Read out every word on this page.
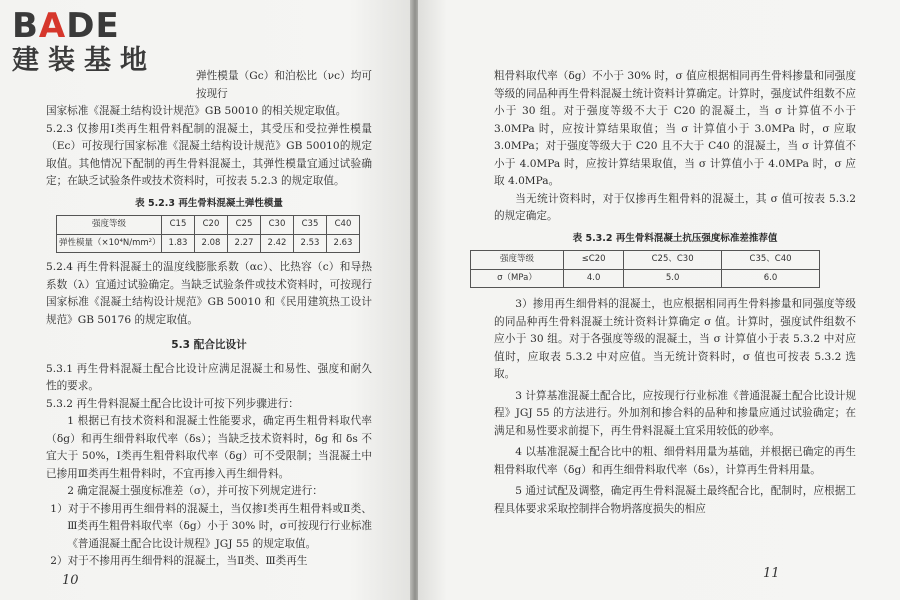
BADE
建装基地	弹性模量（Gc）和泊松比（νc）均可按现行

国家标准《混凝土结构设计规范》GB 50010 的相关规定取值。

5.2.3 仅掺用Ⅰ类再生粗骨料配制的混凝土，其受压和受拉弹性模量（Ec）可按现行国家标准《混凝土结构设计规范》GB 50010的规定取值。其他情况下配制的再生骨料混凝土，其弹性模量宜通过试验确定；在缺乏试验条件或技术资料时，可按表 5.2.3 的规定取值。

表 5.2.3 再生骨料混凝土弹性模量
强度等级	C15	C20	C25	C30	C35	C40
弹性模量（×10⁴N/mm²）	1.83	2.08	2.27	2.42	2.53	2.63

5.2.4 再生骨料混凝土的温度线膨胀系数（αc）、比热容（c）和导热系数（λ）宜通过试验确定。当缺乏试验条件或技术资料时，可按现行国家标准《混凝土结构设计规范》GB 50010 和《民用建筑热工设计规范》GB 50176 的规定取值。

5.3 配合比设计

5.3.1 再生骨料混凝土配合比设计应满足混凝土和易性、强度和耐久性的要求。

5.3.2 再生骨料混凝土配合比设计可按下列步骤进行：

1 根据已有技术资料和混凝土性能要求，确定再生粗骨料取代率（δg）和再生细骨料取代率（δs）；当缺乏技术资料时，δg 和 δs 不宜大于 50%，Ⅰ类再生粗骨料取代率（δg）可不受限制；当混凝土中已掺用Ⅲ类再生粗骨料时，不宜再掺入再生细骨料。

2 确定混凝土强度标准差（σ），并可按下列规定进行：

1）对于不掺用再生细骨料的混凝土，当仅掺Ⅰ类再生粗骨料或Ⅱ类、Ⅲ类再生粗骨料取代率（δg）小于 30% 时，σ可按现行行业标准《普通混凝土配合比设计规程》JGJ 55 的规定取值。

2）对于不掺用再生细骨料的混凝土，当Ⅱ类、Ⅲ类再生

10

粗骨料取代率（δg）不小于 30% 时，σ 值应根据相同再生骨料掺量和同强度等级的同品种再生骨料混凝土统计资料计算确定。计算时，强度试件组数不应小于 30 组。对于强度等级不大于 C20 的混凝土，当 σ 计算值不小于 3.0MPa 时，应按计算结果取值；当 σ 计算值小于 3.0MPa 时，σ 应取 3.0MPa；对于强度等级大于 C20 且不大于 C40 的混凝土，当 σ 计算值不小于 4.0MPa 时，应按计算结果取值，当 σ 计算值小于 4.0MPa 时，σ 应取 4.0MPa。

当无统计资料时，对于仅掺再生粗骨料的混凝土，其 σ 值可按表 5.3.2 的规定确定。

表 5.3.2 再生骨料混凝土抗压强度标准差推荐值
强度等级	≤C20	C25、C30	C35、C40
σ（MPa）	4.0	5.0	6.0

3）掺用再生细骨料的混凝土，也应根据相同再生骨料掺量和同强度等级的同品种再生骨料混凝土统计资料计算确定 σ 值。计算时，强度试件组数不应小于 30 组。对于各强度等级的混凝土，当 σ 计算值小于表 5.3.2 中对应值时，应取表 5.3.2 中对应值。当无统计资料时，σ 值也可按表 5.3.2 选取。

3 计算基准混凝土配合比，应按现行行业标准《普通混凝土配合比设计规程》JGJ 55 的方法进行。外加剂和掺合料的品种和掺量应通过试验确定；在满足和易性要求前提下，再生骨料混凝土宜采用较低的砂率。

4 以基准混凝土配合比中的粗、细骨料用量为基础，并根据已确定的再生粗骨料取代率（δg）和再生细骨料取代率（δs），计算再生骨料用量。

5 通过试配及调整，确定再生骨料混凝土最终配合比，配制时，应根据工程具体要求采取控制拌合物坍落度损失的相应

11
